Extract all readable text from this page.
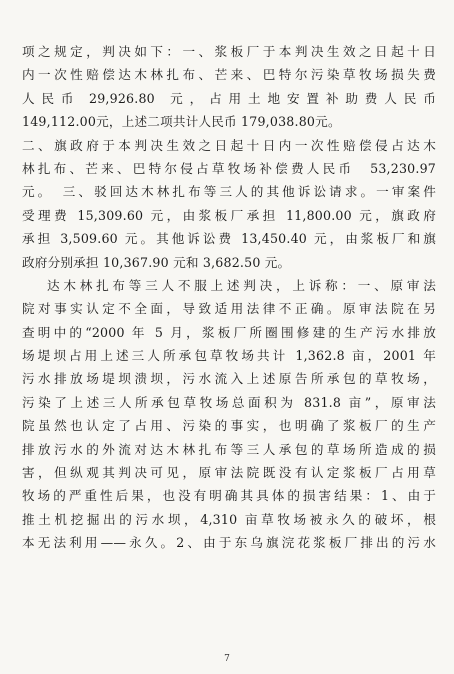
项之规定，判决如下：一、浆板厂于本判决生效之日起十日
内一次性赔偿达木林扎布、芒来、巴特尔污染草牧场损失费
人 民 币　29,926.80　元 ， 占 用 土 地 安 置 补 助 费 人 民 币
149,112.00元，上述二项共计人民币 179,038.80元。
二、旗政府于本判决生效之日起十日内一次性赔偿侵占达木
林扎布、芒来、巴特尔侵占草牧场补偿费人民币　53,230.97
元。　三、驳回达木林扎布等三人的其他诉讼请求。一审案件
受理费 15,309.60 元，由浆板厂承担 11,800.00 元，旗政府
承担 3,509.60 元。其他诉讼费 13,450.40 元，由浆板厂和旗
政府分别承担 10,367.90 元和 3,682.50 元。
达木林扎布等三人不服上述判决，上诉称：一、原审法
院对事实认定不全面，导致适用法律不正确。原审法院在另
查明中的“2000 年 5 月，浆板厂所圈围修建的生产污水排放
场堤坝占用上述三人所承包草牧场共计 1,362.8 亩，2001 年
污水排放场堤坝溃坝，污水流入上述原告所承包的草牧场，
污染了上述三人所承包草牧场总面积为 831.8 亩”，原审法
院虽然也认定了占用、污染的事实，也明确了浆板厂的生产
排放污水的外流对达木林扎布等三人承包的草场所造成的损
害，但纵观其判决可见，原审法院既没有认定浆板厂占用草
牧场的严重性后果，也没有明确其具体的损害结果：1、由于
推土机挖掘出的污水坝，4,310 亩草牧场被永久的破坏，根
本无法利用——永久。2、由于东乌旗浣花浆板厂排出的污水
7
